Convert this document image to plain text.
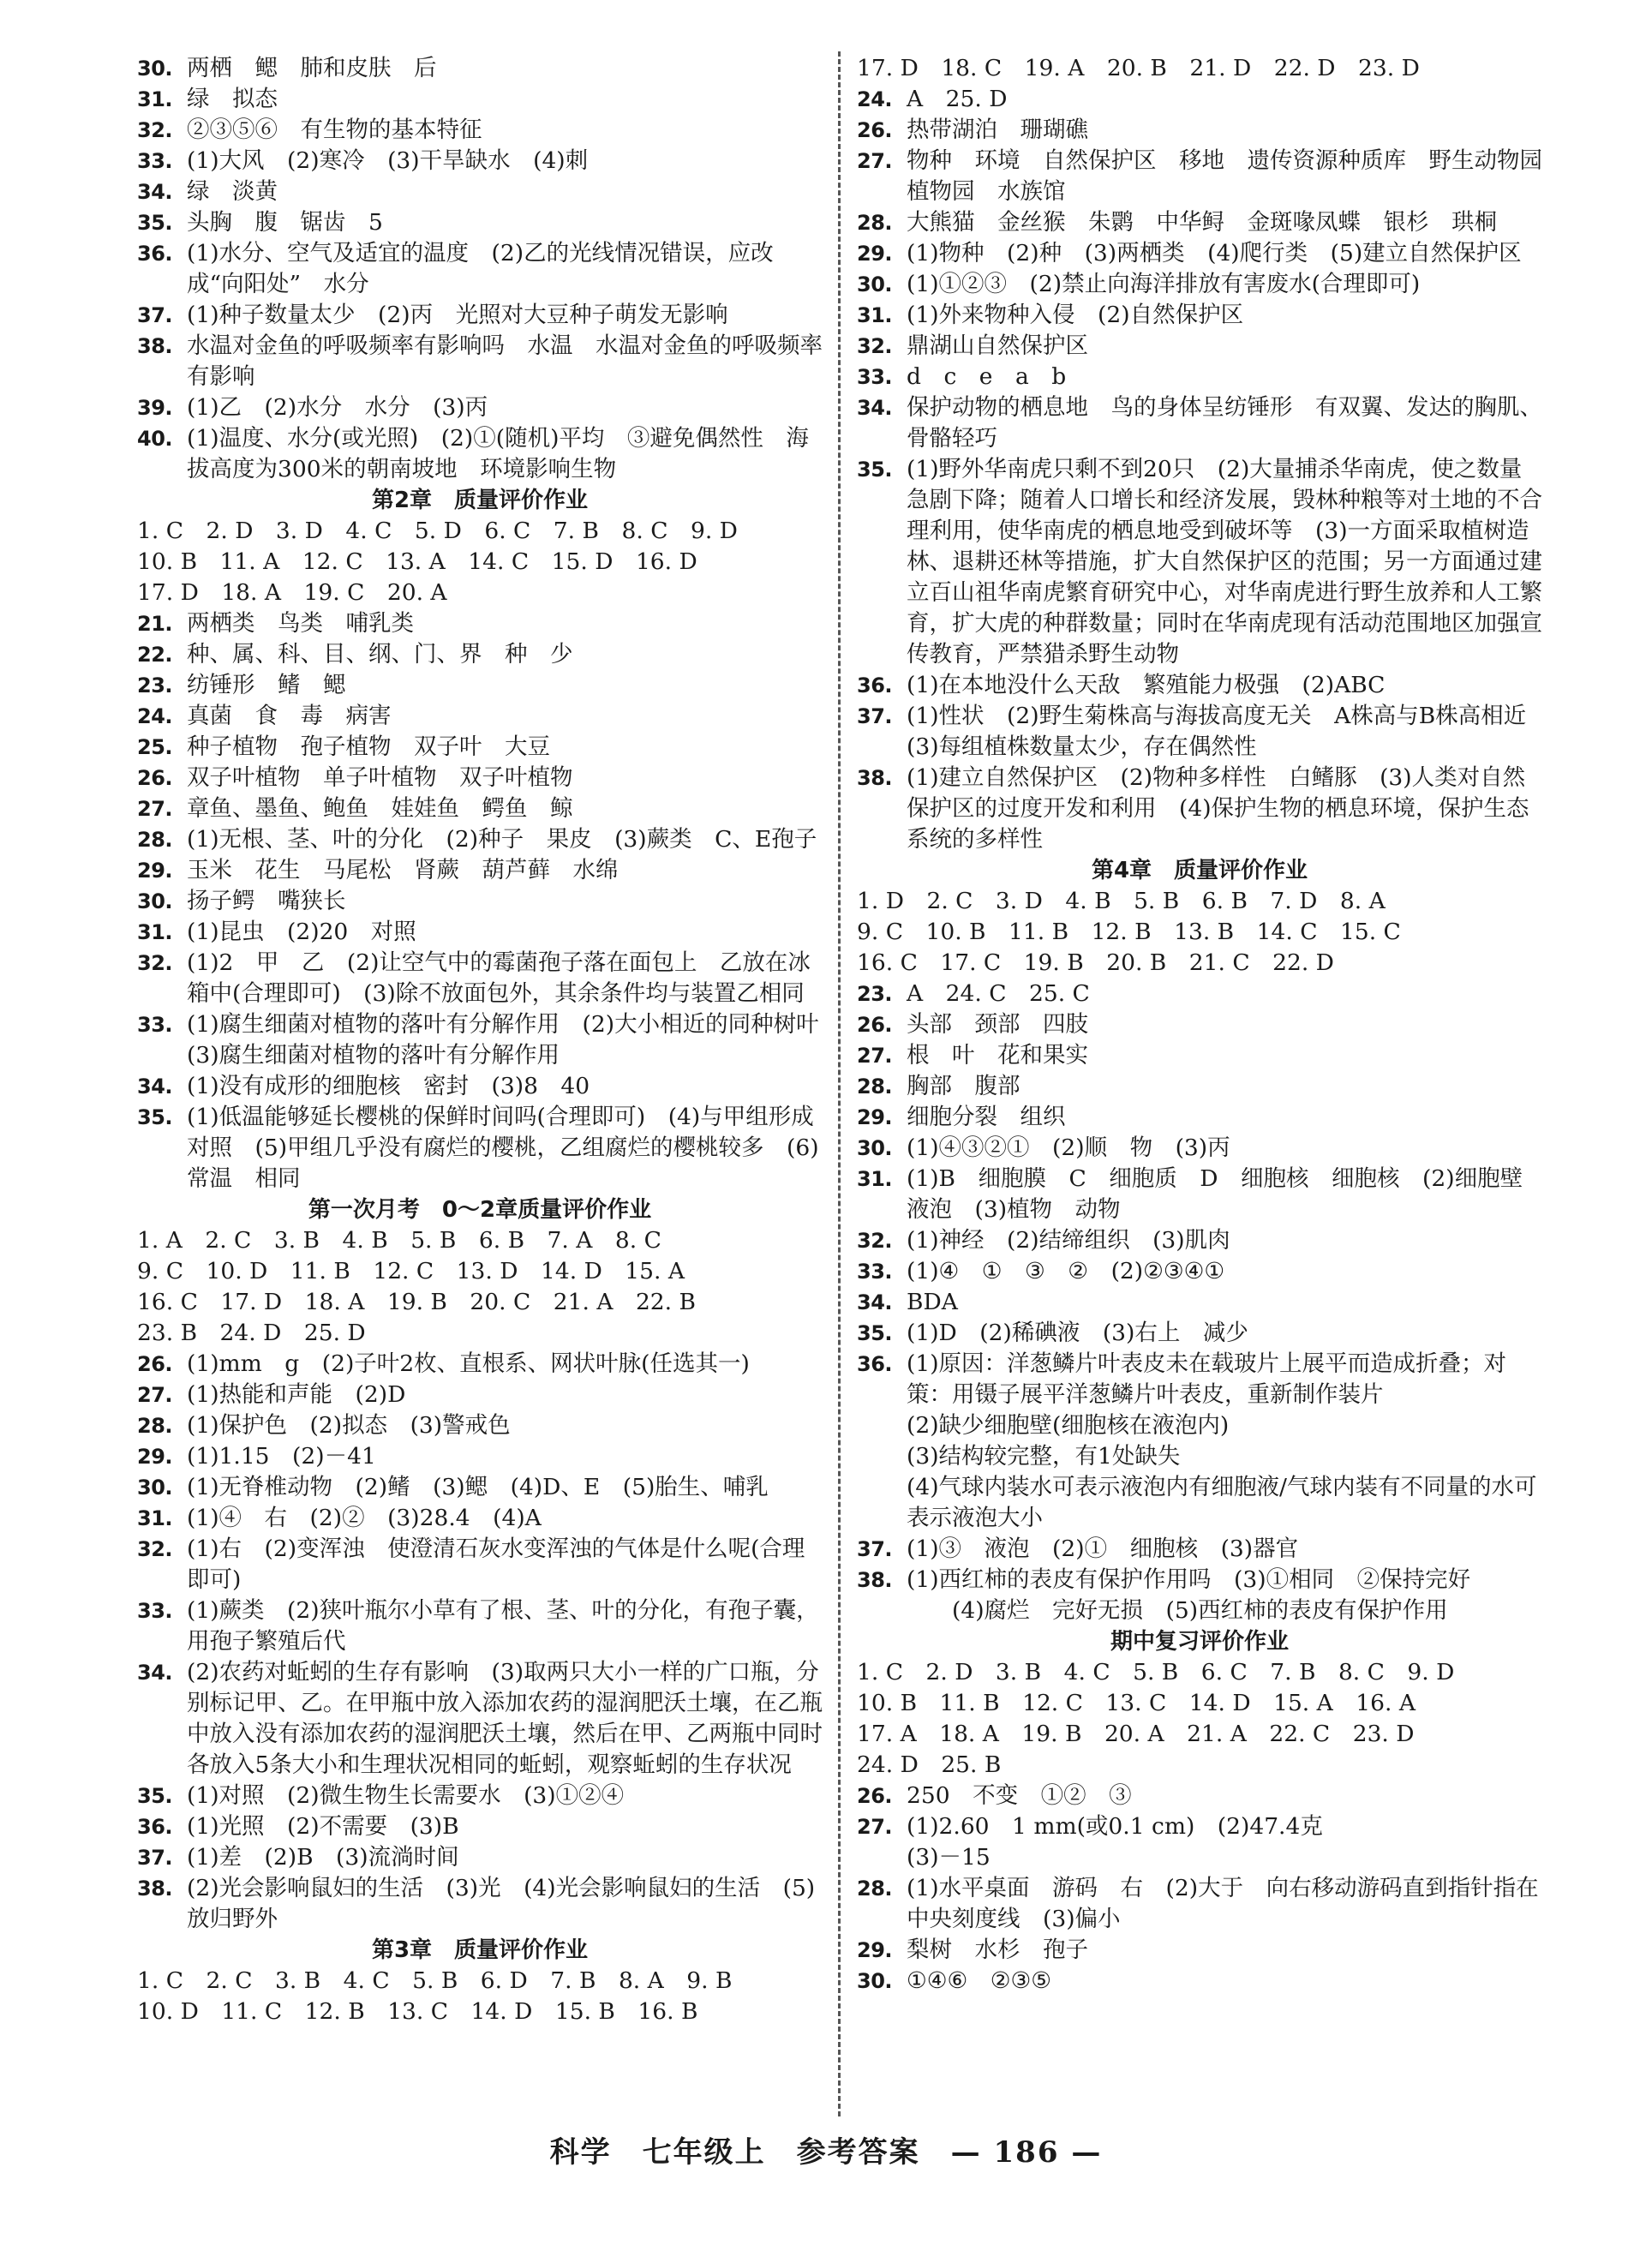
30. 两栖　鳃　肺和皮肤　后
31. 绿　拟态
32. ②③⑤⑥　有生物的基本特征
33. (1)大风　(2)寒冷　(3)干旱缺水　(4)刺
34. 绿　淡黄
35. 头胸　腹　锯齿　5
36. (1)水分、空气及适宜的温度　(2)乙的光线情况错误，应改成“向阳处”　水分
37. (1)种子数量太少　(2)丙　光照对大豆种子萌发无影响
38. 水温对金鱼的呼吸频率有影响吗　水温　水温对金鱼的呼吸频率有影响
39. (1)乙　(2)水分　水分　(3)丙
40. (1)温度、水分(或光照)　(2)①(随机)平均　③避免偶然性　海拔高度为300米的朝南坡地　环境影响生物
第2章　质量评价作业
1. C　2. D　3. D　4. C　5. D　6. C　7. B　8. C　9. D
10. B　11. A　12. C　13. A　14. C　15. D　16. D
17. D　18. A　19. C　20. A
21. 两栖类　鸟类　哺乳类
22. 种、属、科、目、纲、门、界　种　少
23. 纺锤形　鳍　鳃
24. 真菌　食　毒　病害
25. 种子植物　孢子植物　双子叶　大豆
26. 双子叶植物　单子叶植物　双子叶植物
27. 章鱼、墨鱼、鲍鱼　娃娃鱼　鳄鱼　鲸
28. (1)无根、茎、叶的分化　(2)种子　果皮　(3)蕨类　C、E孢子
29. 玉米　花生　马尾松　肾蕨　葫芦藓　水绵
30. 扬子鳄　嘴狭长
31. (1)昆虫　(2)20　对照
32. (1)2　甲　乙　(2)让空气中的霉菌孢子落在面包上　乙放在冰箱中(合理即可)　(3)除不放面包外，其余条件均与装置乙相同
33. (1)腐生细菌对植物的落叶有分解作用　(2)大小相近的同种树叶　(3)腐生细菌对植物的落叶有分解作用
34. (1)没有成形的细胞核　密封　(3)8　40
35. (1)低温能够延长樱桃的保鲜时间吗(合理即可)　(4)与甲组形成对照　(5)甲组几乎没有腐烂的樱桃，乙组腐烂的樱桃较多　(6)常温　相同
第一次月考　0～2章质量评价作业
1. A　2. C　3. B　4. B　5. B　6. B　7. A　8. C
9. C　10. D　11. B　12. C　13. D　14. D　15. A
16. C　17. D　18. A　19. B　20. C　21. A　22. B
23. B　24. D　25. D
26. (1)mm　g　(2)子叶2枚、直根系、网状叶脉(任选其一)
27. (1)热能和声能　(2)D
28. (1)保护色　(2)拟态　(3)警戒色
29. (1)1.15　(2)－41
30. (1)无脊椎动物　(2)鳍　(3)鳃　(4)D、E　(5)胎生、哺乳
31. (1)④　右　(2)②　(3)28.4　(4)A
32. (1)右　(2)变浑浊　使澄清石灰水变浑浊的气体是什么呢(合理即可)
33. (1)蕨类　(2)狭叶瓶尔小草有了根、茎、叶的分化，有孢子囊，用孢子繁殖后代
34. (2)农药对蚯蚓的生存有影响　(3)取两只大小一样的广口瓶，分别标记甲、乙。在甲瓶中放入添加农药的湿润肥沃土壤，在乙瓶中放入没有添加农药的湿润肥沃土壤，然后在甲、乙两瓶中同时各放入5条大小和生理状况相同的蚯蚓，观察蚯蚓的生存状况
35. (1)对照　(2)微生物生长需要水　(3)①②④
36. (1)光照　(2)不需要　(3)B
37. (1)差　(2)B　(3)流淌时间
38. (2)光会影响鼠妇的生活　(3)光　(4)光会影响鼠妇的生活　(5)放归野外
第3章　质量评价作业
1. C　2. C　3. B　4. C　5. B　6. D　7. B　8. A　9. B
10. D　11. C　12. B　13. C　14. D　15. B　16. B
17. D　18. C　19. A　20. B　21. D　22. D　23. D
24. A　25. D
26. 热带湖泊　珊瑚礁
27. 物种　环境　自然保护区　移地　遗传资源种质库　野生动物园　植物园　水族馆
28. 大熊猫　金丝猴　朱鹮　中华鲟　金斑喙凤蝶　银杉　珙桐
29. (1)物种　(2)种　(3)两栖类　(4)爬行类　(5)建立自然保护区
30. (1)①②③　(2)禁止向海洋排放有害废水(合理即可)
31. (1)外来物种入侵　(2)自然保护区
32. 鼎湖山自然保护区
33. d　c　e　a　b
34. 保护动物的栖息地　鸟的身体呈纺锤形　有双翼、发达的胸肌、骨骼轻巧
35. (1)野外华南虎只剩不到20只　(2)大量捕杀华南虎，使之数量急剧下降；随着人口增长和经济发展，毁林种粮等对土地的不合理利用，使华南虎的栖息地受到破坏等　(3)一方面采取植树造林、退耕还林等措施，扩大自然保护区的范围；另一方面通过建立百山祖华南虎繁育研究中心，对华南虎进行野生放养和人工繁育，扩大虎的种群数量；同时在华南虎现有活动范围地区加强宣传教育，严禁猎杀野生动物
36. (1)在本地没什么天敌　繁殖能力极强　(2)ABC
37. (1)性状　(2)野生菊株高与海拔高度无关　A株高与B株高相近　(3)每组植株数量太少，存在偶然性
38. (1)建立自然保护区　(2)物种多样性　白鳍豚　(3)人类对自然保护区的过度开发和利用　(4)保护生物的栖息环境，保护生态系统的多样性
第4章　质量评价作业
1. D　2. C　3. D　4. B　5. B　6. B　7. D　8. A
9. C　10. B　11. B　12. B　13. B　14. C　15. C
16. C　17. C　19. B　20. B　21. C　22. D
23. A　24. C　25. C
26. 头部　颈部　四肢
27. 根　叶　花和果实
28. 胸部　腹部
29. 细胞分裂　组织
30. (1)④③②①　(2)顺　物　(3)丙
31. (1)B　细胞膜　C　细胞质　D　细胞核　细胞核　(2)细胞壁　液泡　(3)植物　动物
32. (1)神经　(2)结缔组织　(3)肌肉
33. (1)④　①　③　②　(2)②③④①
34. BDA
35. (1)D　(2)稀碘液　(3)右上　减少
36. (1)原因：洋葱鳞片叶表皮未在载玻片上展平而造成折叠；对策：用镊子展平洋葱鳞片叶表皮，重新制作装片
(2)缺少细胞壁(细胞核在液泡内)
(3)结构较完整，有1处缺失
(4)气球内装水可表示液泡内有细胞液/气球内装有不同量的水可表示液泡大小
37. (1)③　液泡　(2)①　细胞核　(3)器官
38. (1)西红柿的表皮有保护作用吗　(3)①相同　②保持完好
　　(4)腐烂　完好无损　(5)西红柿的表皮有保护作用
期中复习评价作业
1. C　2. D　3. B　4. C　5. B　6. C　7. B　8. C　9. D
10. B　11. B　12. C　13. C　14. D　15. A　16. A
17. A　18. A　19. B　20. A　21. A　22. C　23. D
24. D　25. B
26. 250　不变　①②　③
27. (1)2.60　1 mm(或0.1 cm)　(2)47.4克
(3)－15
28. (1)水平桌面　游码　右　(2)大于　向右移动游码直到指针指在中央刻度线　(3)偏小
29. 梨树　水杉　孢子
30. ①④⑥　②③⑤
科学　七年级上　参考答案　— 186 —
